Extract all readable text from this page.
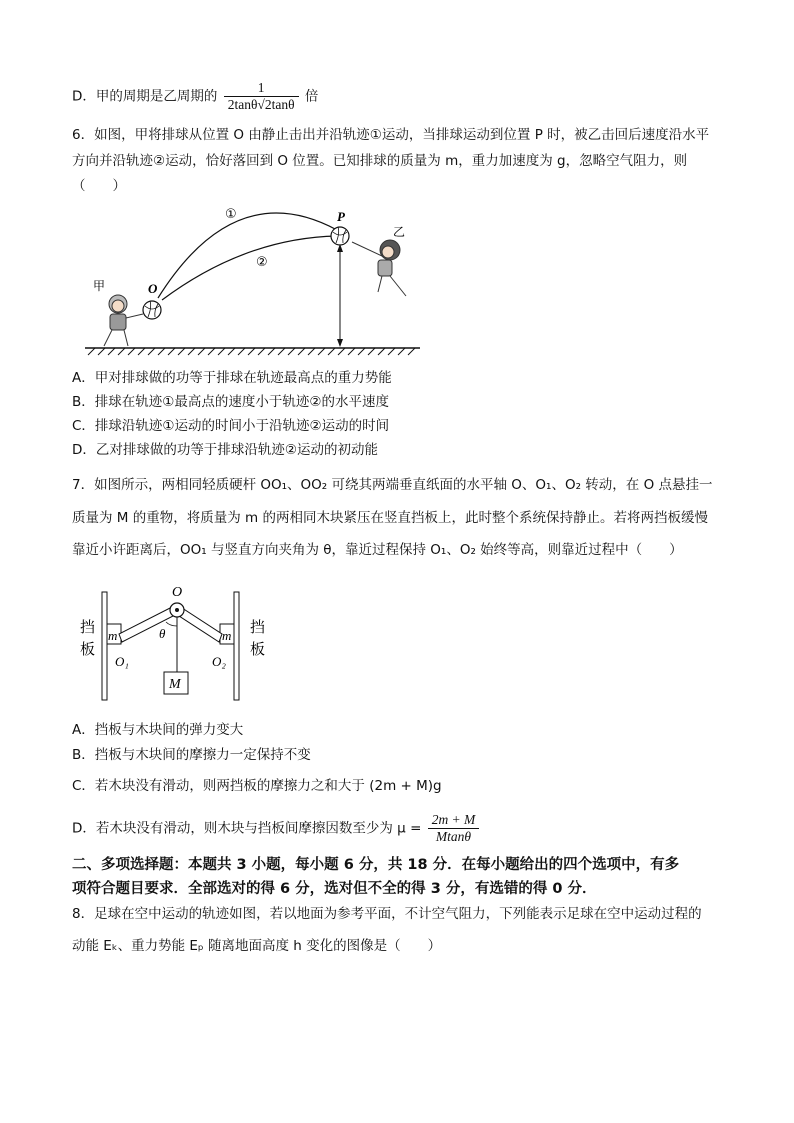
D．甲的周期是乙周期的 $\frac{1}{2\tan\theta√2\tan\theta}$ 倍
6．如图，甲将排球从位置 O 由静止击出并沿轨迹①运动，当排球运动到位置 P 时，被乙击回后速度沿水平
方向并沿轨迹②运动，恰好落回到 O 位置。已知排球的质量为 m，重力加速度为 g，忽略空气阻力，则
（　　）
①
②
P
O
甲
乙
A．甲对排球做的功等于排球在轨迹最高点的重力势能
B．排球在轨迹①最高点的速度小于轨迹②的水平速度
C．排球沿轨迹①运动的时间小于沿轨迹②运动的时间
D．乙对排球做的功等于排球沿轨迹②运动的初动能
7．如图所示，两相同轻质硬杆 OO₁、OO₂ 可绕其两端垂直纸面的水平轴 O、O₁、O₂ 转动，在 O 点悬挂一
质量为 M 的重物，将质量为 m 的两相同木块紧压在竖直挡板上，此时整个系统保持静止。若将两挡板缓慢
靠近小许距离后，OO₁ 与竖直方向夹角为 θ，靠近过程保持 O₁、O₂ 始终等高，则靠近过程中（　　）
M
O
θ
m	m
O₁	O₂
挡
板
挡
板
A．挡板与木块间的弹力变大
B．挡板与木块间的摩擦力一定保持不变
C．若木块没有滑动，则两挡板的摩擦力之和大于 (2m + M)g
D．若木块没有滑动，则木块与挡板间摩擦因数至少为 $\mu = \frac{2m + M}{Mtan\theta}$
二、多项选择题：本题共 3 小题，每小题 6 分，共 18 分．在每小题给出的四个选项中，有多
项符合题目要求．全部选对的得 6 分，选对但不全的得 3 分，有选错的得 0 分．
8．足球在空中运动的轨迹如图，若以地面为参考平面，不计空气阻力，下列能表示足球在空中运动过程的
动能 Eₖ、重力势能 Eₚ 随离地面高度 h 变化的图像是（　　）
